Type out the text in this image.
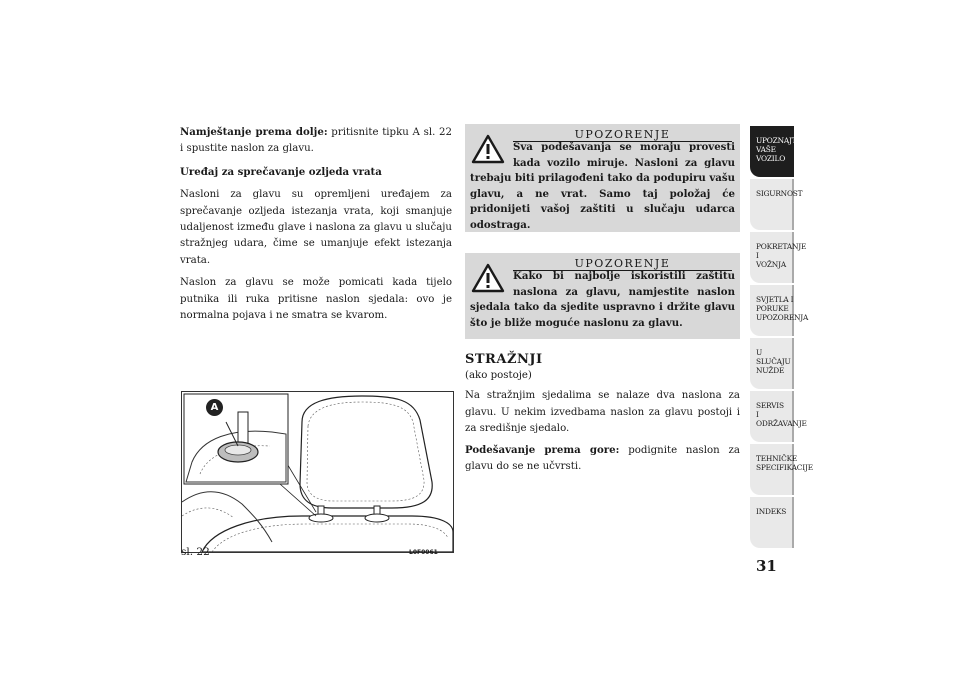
Namještanje prema dolje: pritisnite tipku A sl. 22 i spustite naslon za glavu.

Uređaj za sprečavanje ozljeda vrata

Nasloni za glavu su opremljeni uređajem za sprečavanje ozljeda istezanja vrata, koji smanjuje udaljenost između glave i naslona za glavu u slučaju stražnjeg udara, čime se umanjuje efekt istezanja vrata.

Naslon za glavu se može pomicati kada tijelo putnika ili ruka pritisne naslon sjedala: ovo je normalna pojava i ne smatra se kvarom.

A
sl. 22	L0F0061
UPOZORENJE
Sva podešavanja se moraju provesti kada vozilo miruje. Nasloni za glavu trebaju biti prilagođeni tako da podupiru vašu glavu, a ne vrat. Samo taj položaj će pridonijeti vašoj zaštiti u slučaju udarca odostraga.
UPOZORENJE
Kako bi najbolje iskoristili zaštitu naslona za glavu, namjestite naslon sjedala tako da sjedite uspravno i držite glavu što je bliže moguće naslonu za glavu.
STRAŽNJI
(ako postoje)

Na stražnjim sjedalima se nalaze dva naslona za glavu. U nekim izvedbama naslon za glavu postoji i za središnje sjedalo.

Podešavanje prema gore: podignite naslon za glavu do se ne učvrsti.

UPOZNAJTE
VAŠE
VOZILO
SIGURNOST
POKRETANJE
I
VOŽNJA
SVJETLA I
PORUKE
UPOZORENJA
U SLUČAJU
NUŽDE
SERVIS
I
ODRŽAVANJE
TEHNIČKE
SPECIFIKACIJE
INDEKS
31
